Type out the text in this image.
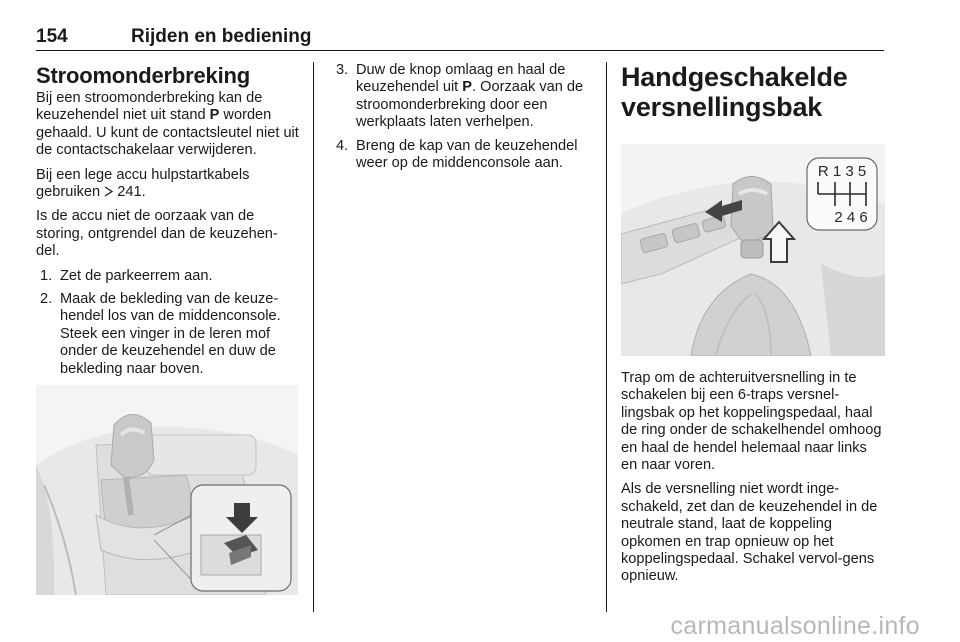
154	Rijden en bediening
Stroomonderbreking

Bij een stroomonderbreking kan de keuzehendel niet uit stand P worden gehaald. U kunt de contactsleutel niet uit de contactschakelaar verwijderen.

Bij een lege accu hulpstartkabels gebruiken  241.

Is de accu niet de oorzaak van de storing, ontgrendel dan de keuzehen-del.

1. Zet de parkeerrem aan.
2. Maak de bekleding van de keuze-hendel los van de middenconsole. Steek een vinger in de leren mof onder de keuzehendel en duw de bekleding naar boven.
3. Duw de knop omlaag en haal de keuzehendel uit P. Oorzaak van de stroomonderbreking door een werkplaats laten verhelpen.
4. Breng de kap van de keuzehendel weer op de middenconsole aan.
Handgeschakelde
versnellingsbak
R 1 3 5
2 4 6

Trap om de achteruitversnelling in te schakelen bij een 6-traps versnel-lingsbak op het koppelingspedaal, haal de ring onder de schakelhendel omhoog en haal de hendel helemaal naar links en naar voren.

Als de versnelling niet wordt inge-schakeld, zet dan de keuzehendel in de neutrale stand, laat de koppeling opkomen en trap opnieuw op het koppelingspedaal. Schakel vervol-gens opnieuw.

carmanualsonline.info
